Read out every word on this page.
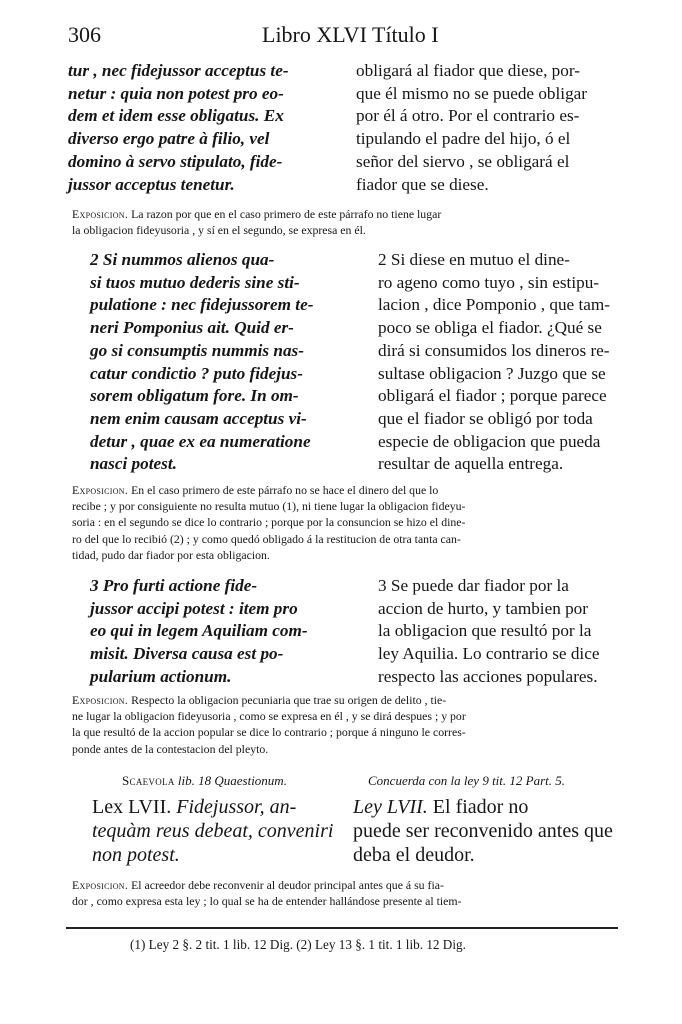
306	Libro XLVI Título I
tur , nec fidejussor acceptus te-
netur : quia non potest pro eo-
dem et idem esse obligatus. Ex
diverso ergo patre à filio, vel
domino à servo stipulato, fide-
jussor acceptus tenetur.
obligará al fiador que diese, por-
que él mismo no se puede obligar
por él á otro. Por el contrario es-
tipulando el padre del hijo, ó el
señor del siervo , se obligará el
fiador que se diese.
Exposicion. La razon por que en el caso primero de este párrafo no tiene lugar
la obligacion fideyusoria , y sí en el segundo, se expresa en él.
2 Si nummos alienos qua-
si tuos mutuo dederis sine sti-
pulatione : nec fidejussorem te-
neri Pomponius ait. Quid er-
go si consumptis nummis nas-
catur condictio ? puto fidejus-
sorem obligatum fore. In om-
nem enim causam acceptus vi-
detur , quae ex ea numeratione
nasci potest.
2 Si diese en mutuo el dine-
ro ageno como tuyo , sin estipu-
lacion , dice Pomponio , que tam-
poco se obliga el fiador. ¿Qué se
dirá si consumidos los dineros re-
sultase obligacion ? Juzgo que se
obligará el fiador ; porque parece
que el fiador se obligó por toda
especie de obligacion que pueda
resultar de aquella entrega.
Exposicion. En el caso primero de este párrafo no se hace el dinero del que lo
recibe ; y por consiguiente no resulta mutuo (1), ni tiene lugar la obligacion fideyu-
soria : en el segundo se dice lo contrario ; porque por la consuncion se hizo el dine-
ro del que lo recibió (2) ; y como quedó obligado á la restitucion de otra tanta can-
tidad, pudo dar fiador por esta obligacion.
3 Pro furti actione fide-
jussor accipi potest : item pro
eo qui in legem Aquiliam com-
misit. Diversa causa est po-
pularium actionum.
3 Se puede dar fiador por la
accion de hurto, y tambien por
la obligacion que resultó por la
ley Aquilia. Lo contrario se dice
respecto las acciones populares.
Exposicion. Respecto la obligacion pecuniaria que trae su origen de delito , tie-
ne lugar la obligacion fideyusoria , como se expresa en él , y se dirá despues ; y por
la que resultó de la accion popular se dice lo contrario ; porque á ninguno le corres-
ponde antes de la contestacion del pleyto.
Scaevola lib. 18 Quaestionum.	Concuerda con la ley 9 tit. 12 Part. 5.
Lex LVII. Fidejussor, an-
tequàm reus debeat, conveniri
non potest.
Ley LVII. El fiador no
puede ser reconvenido antes que
deba el deudor.
Exposicion. El acreedor debe reconvenir al deudor principal antes que á su fia-
dor , como expresa esta ley ; lo qual se ha de entender hallándose presente al tiem-
(1) Ley 2 §. 2 tit. 1 lib. 12 Dig. (2) Ley 13 §. 1 tit. 1 lib. 12 Dig.
